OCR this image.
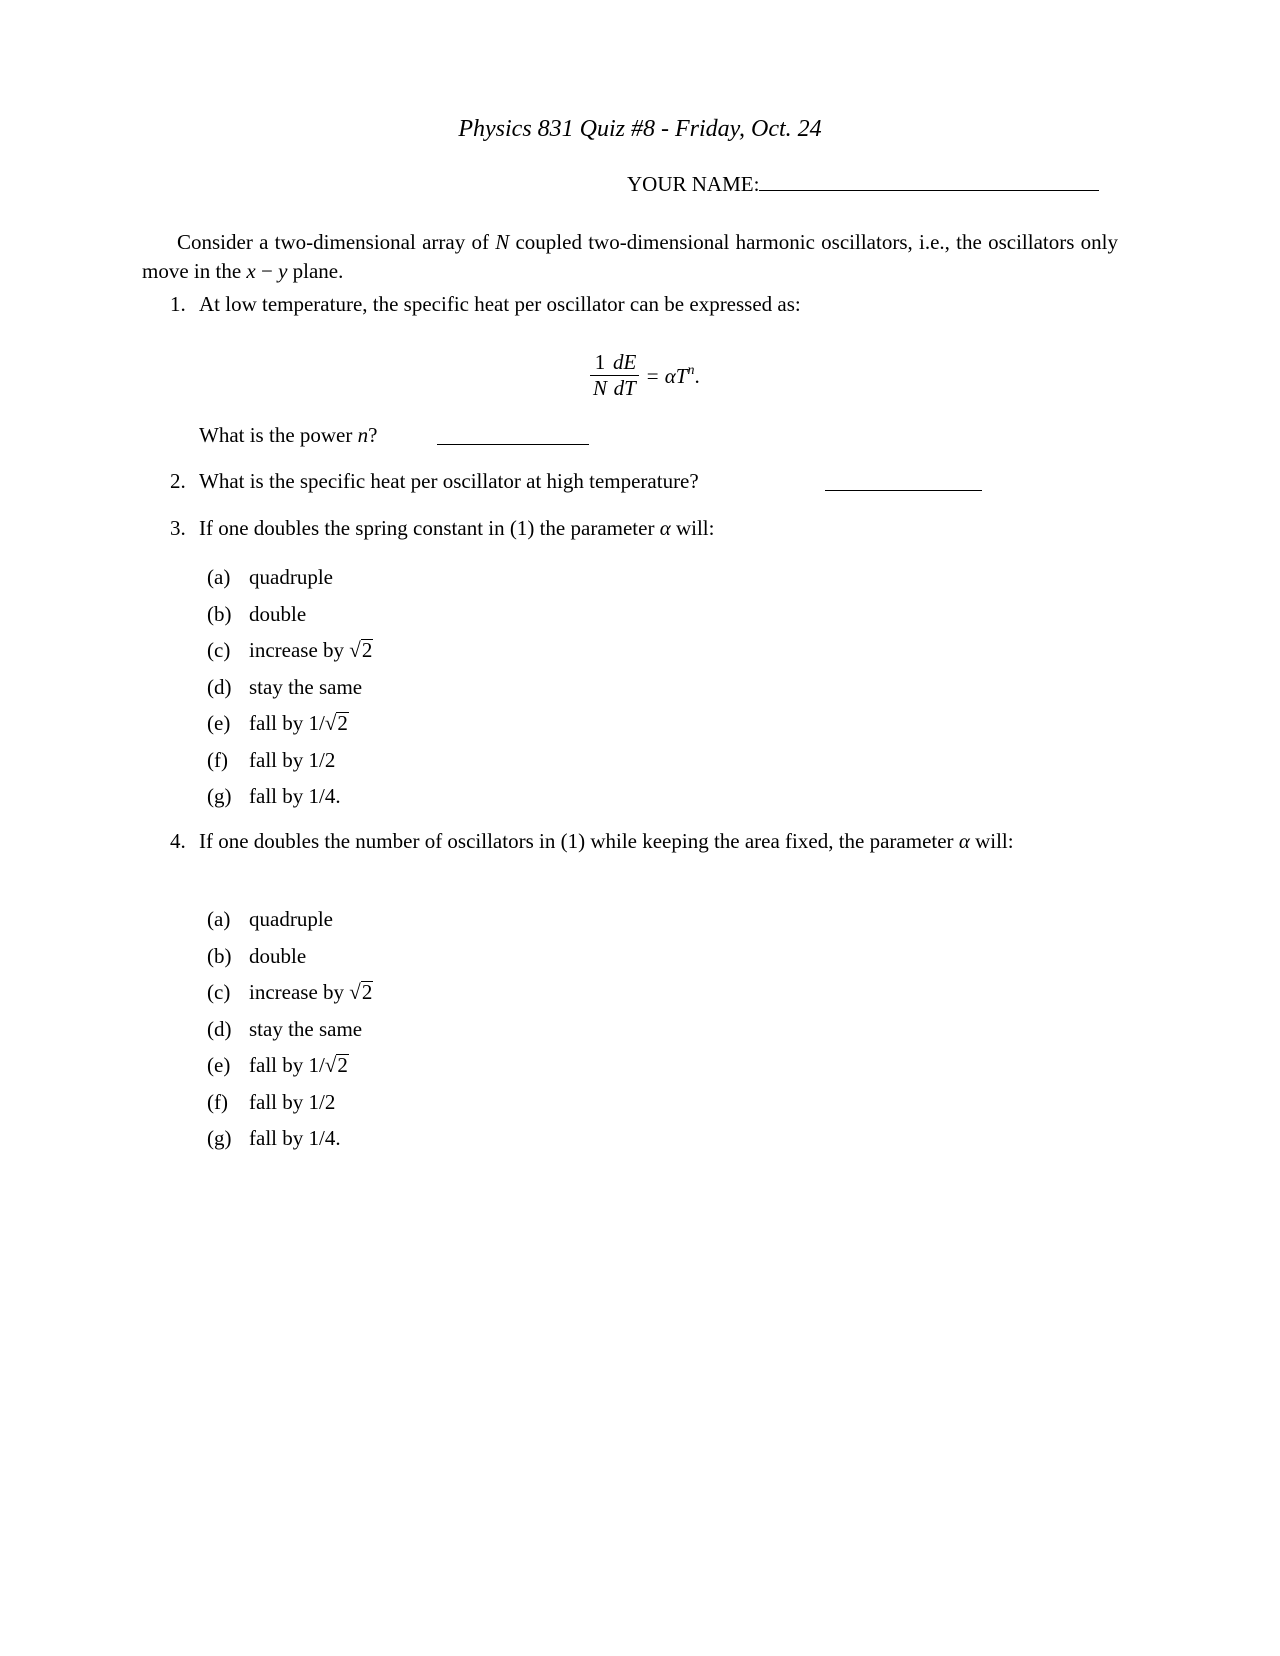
Physics 831 Quiz #8 - Friday, Oct. 24
YOUR NAME:
Consider a two-dimensional array of N coupled two-dimensional harmonic oscillators, i.e., the oscillators only move in the x − y plane.
1. At low temperature, the specific heat per oscillator can be expressed as:
$\frac{1}{N} \frac{dE}{dT} = \alpha T^n$.
What is the power n?
2. What is the specific heat per oscillator at high temperature?
3. If one doubles the spring constant in (1) the parameter α will:
(a) quadruple
(b) double
(c) increase by √2
(d) stay the same
(e) fall by 1/√2
(f) fall by 1/2
(g) fall by 1/4.
4. If one doubles the number of oscillators in (1) while keeping the area fixed, the parameter α will:
(a) quadruple
(b) double
(c) increase by √2
(d) stay the same
(e) fall by 1/√2
(f) fall by 1/2
(g) fall by 1/4.
